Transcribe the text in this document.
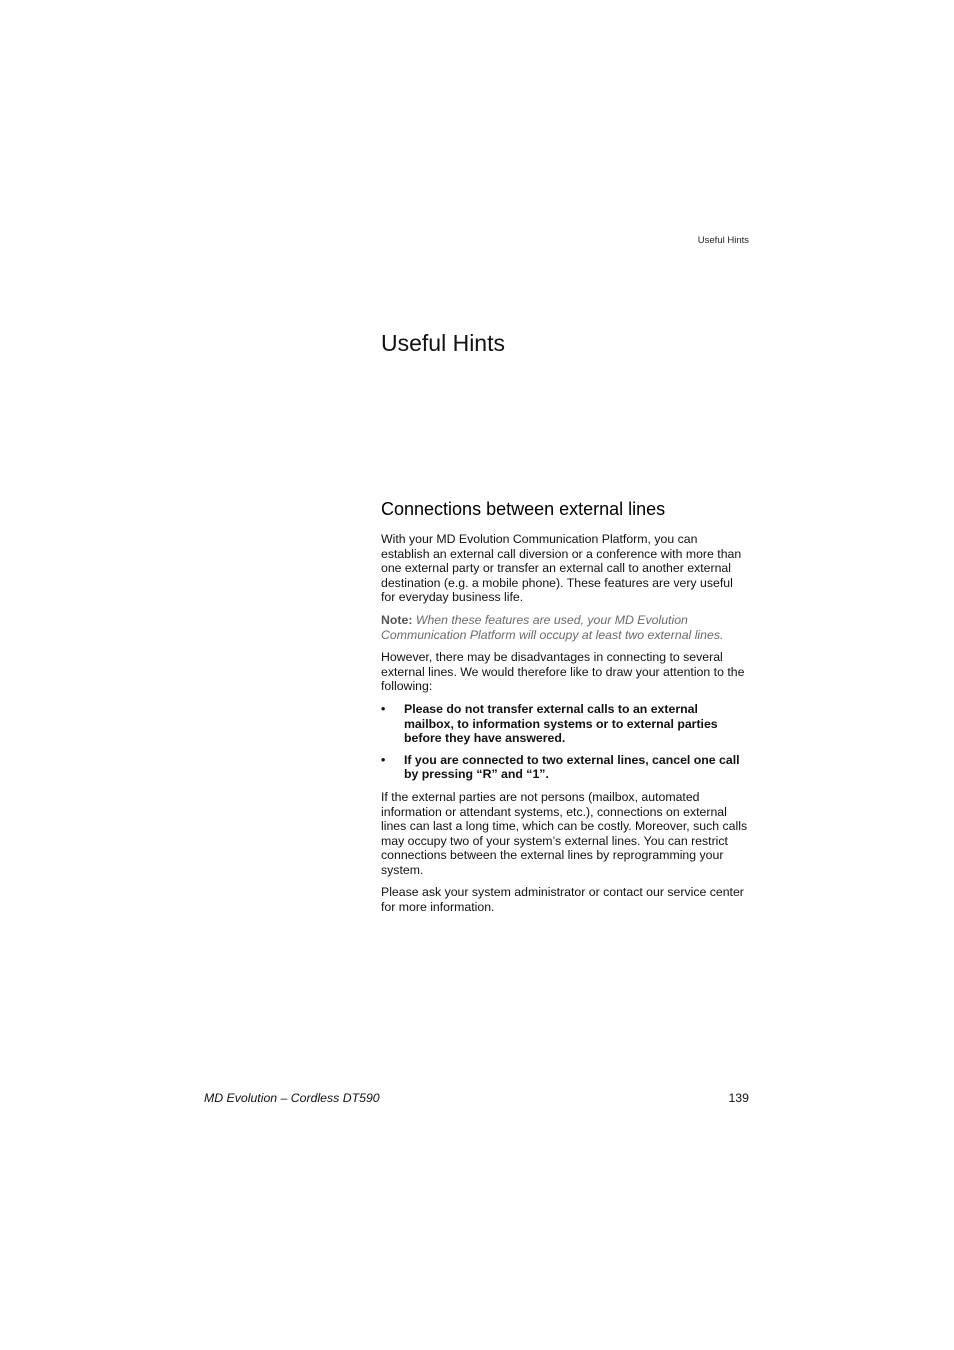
Useful Hints
Useful Hints
Connections between external lines

With your MD Evolution Communication Platform, you can establish an external call diversion or a conference with more than one external party or transfer an external call to another external destination (e.g. a mobile phone). These features are very useful for everyday business life.

Note: When these features are used, your MD Evolution Communication Platform will occupy at least two external lines.

However, there may be disadvantages in connecting to several external lines. We would therefore like to draw your attention to the following:

• Please do not transfer external calls to an external mailbox, to information systems or to external parties before they have answered.
• If you are connected to two external lines, cancel one call by pressing “R” and “1”.

If the external parties are not persons (mailbox, automated information or attendant systems, etc.), connections on external lines can last a long time, which can be costly. Moreover, such calls may occupy two of your system’s external lines. You can restrict connections between the external lines by reprogramming your system.

Please ask your system administrator or contact our service center for more information.

MD Evolution – Cordless DT590	139
